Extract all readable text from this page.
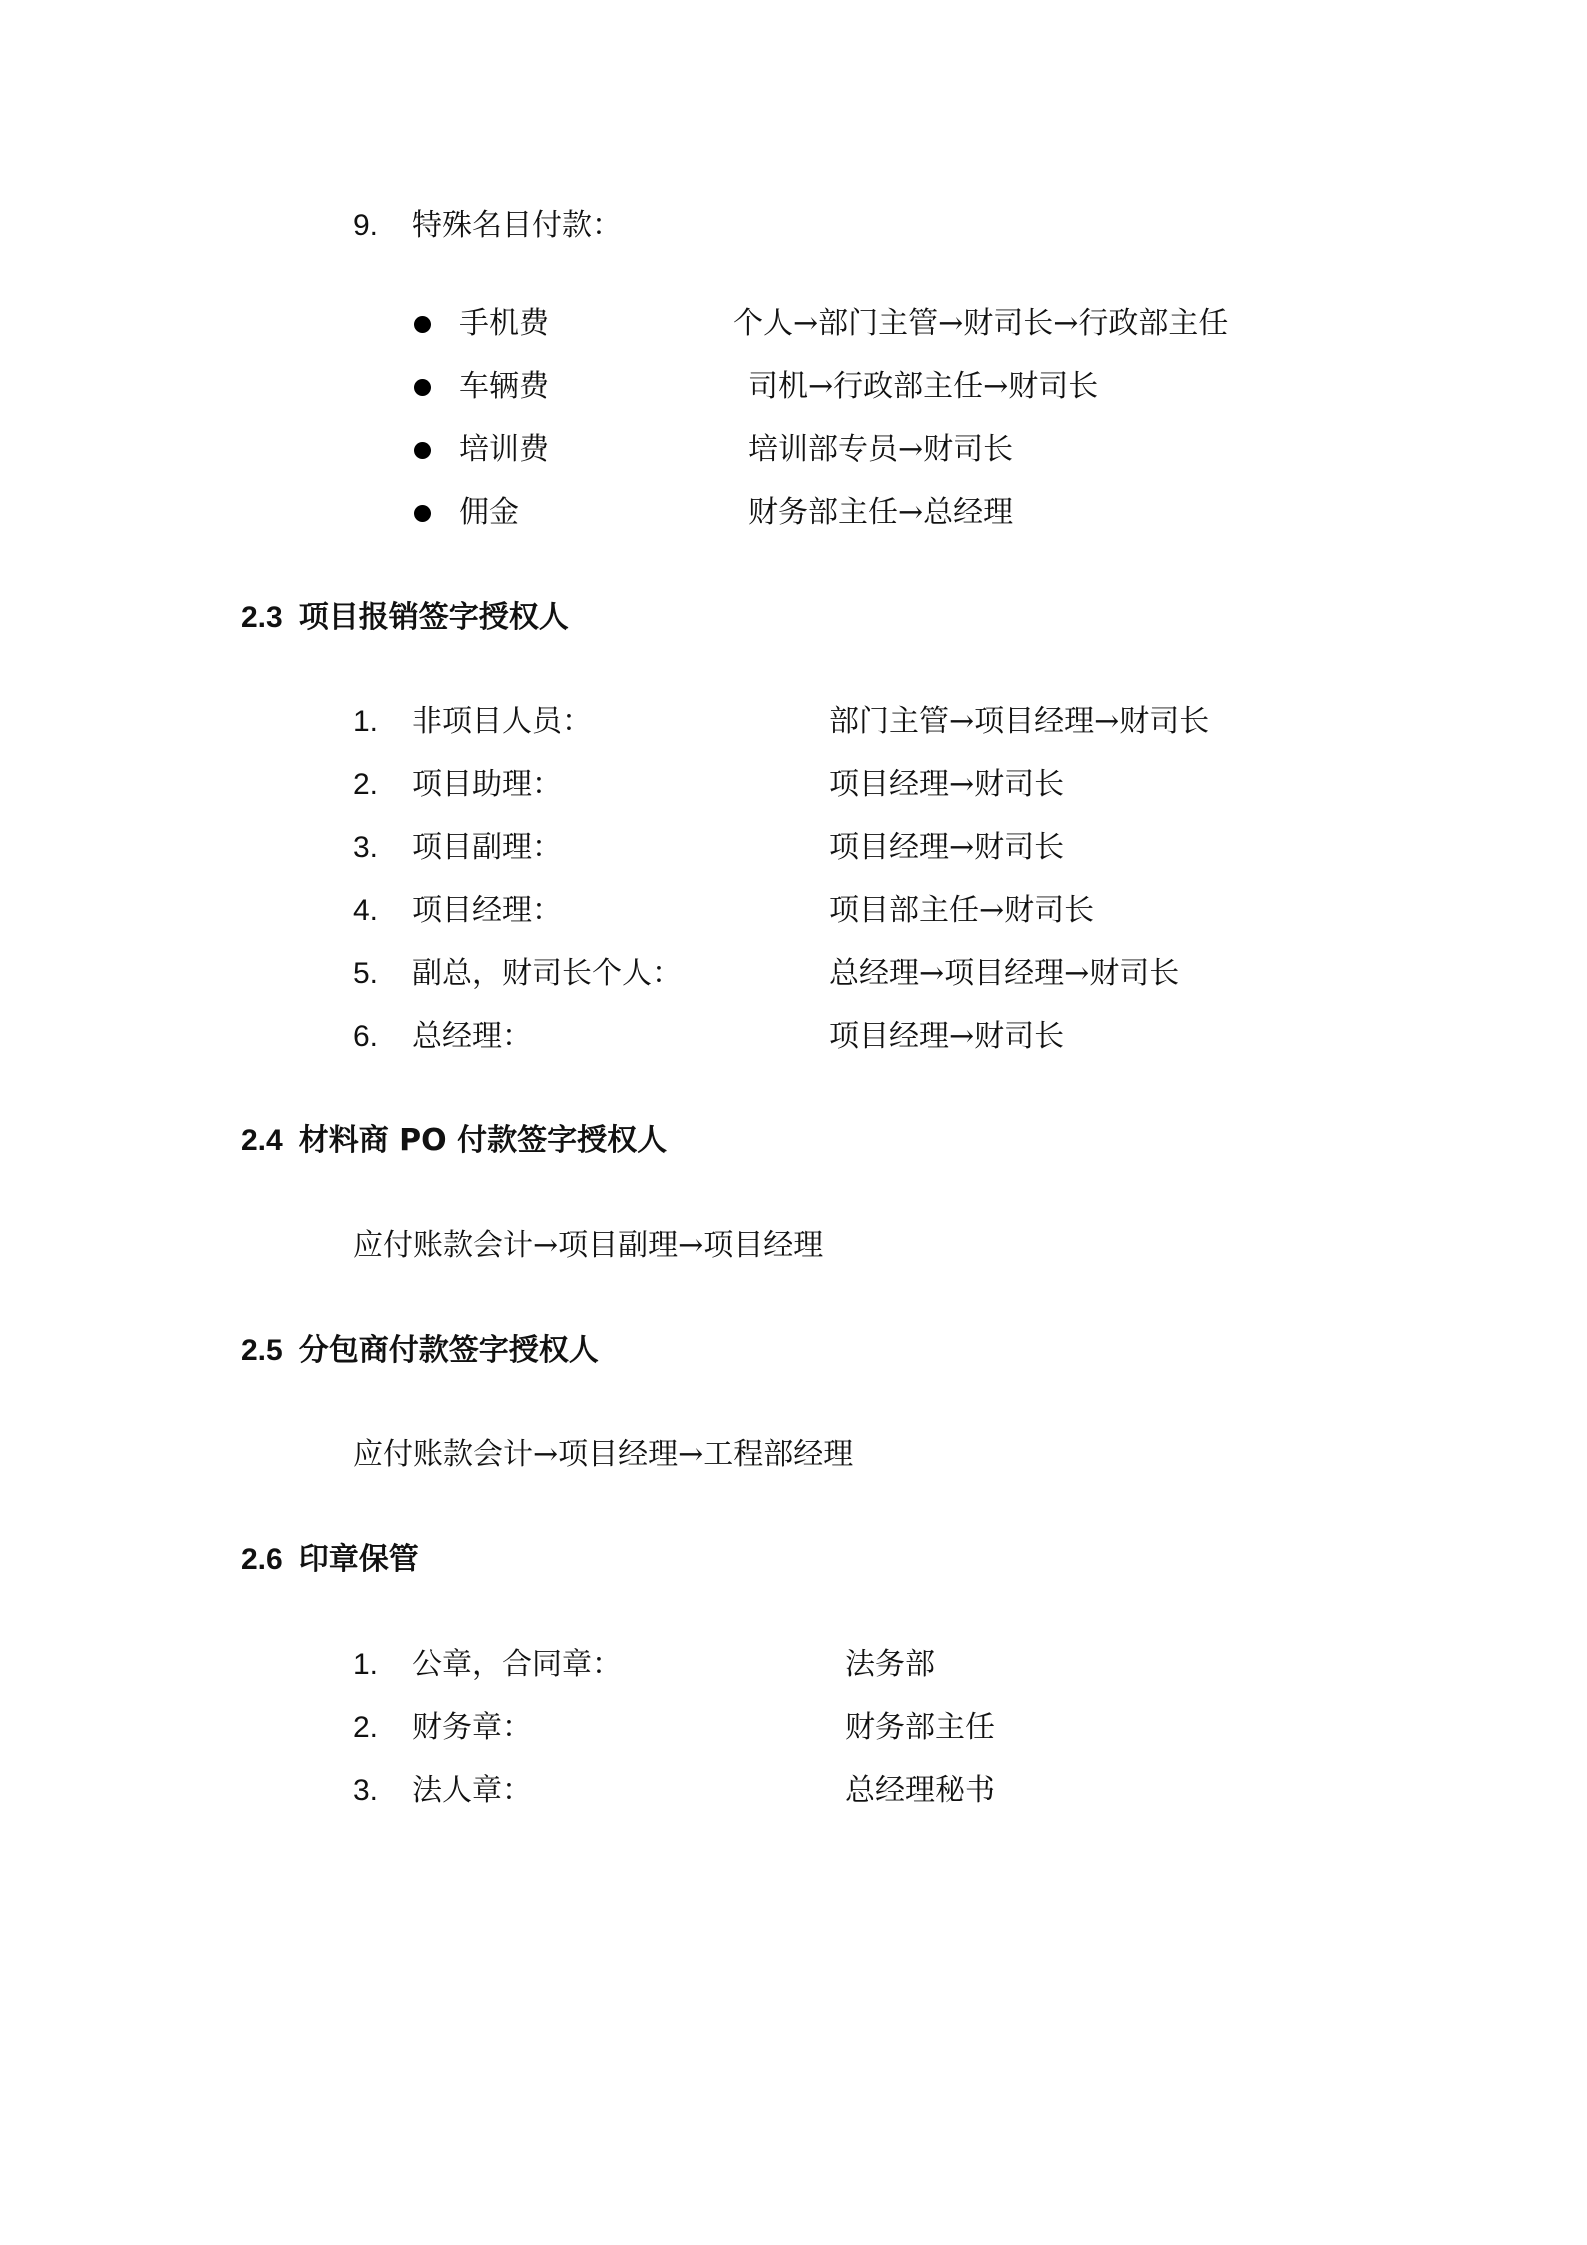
9. 特殊名目付款：
手机费	个人→部门主管→财司长→行政部主任
车辆费	司机→行政部主任→财司长
培训费	培训部专员→财司长
佣金	财务部主任→总经理
2.3 项目报销签字授权人
1. 非项目人员：	部门主管→项目经理→财司长
2. 项目助理：	项目经理→财司长
3. 项目副理：	项目经理→财司长
4. 项目经理：	项目部主任→财司长
5. 副总，财司长个人：	总经理→项目经理→财司长
6. 总经理：	项目经理→财司长
2.4 材料商 PO 付款签字授权人
应付账款会计→项目副理→项目经理
2.5 分包商付款签字授权人
应付账款会计→项目经理→工程部经理
2.6 印章保管
1. 公章，合同章：	法务部
2. 财务章：	财务部主任
3. 法人章：	总经理秘书
